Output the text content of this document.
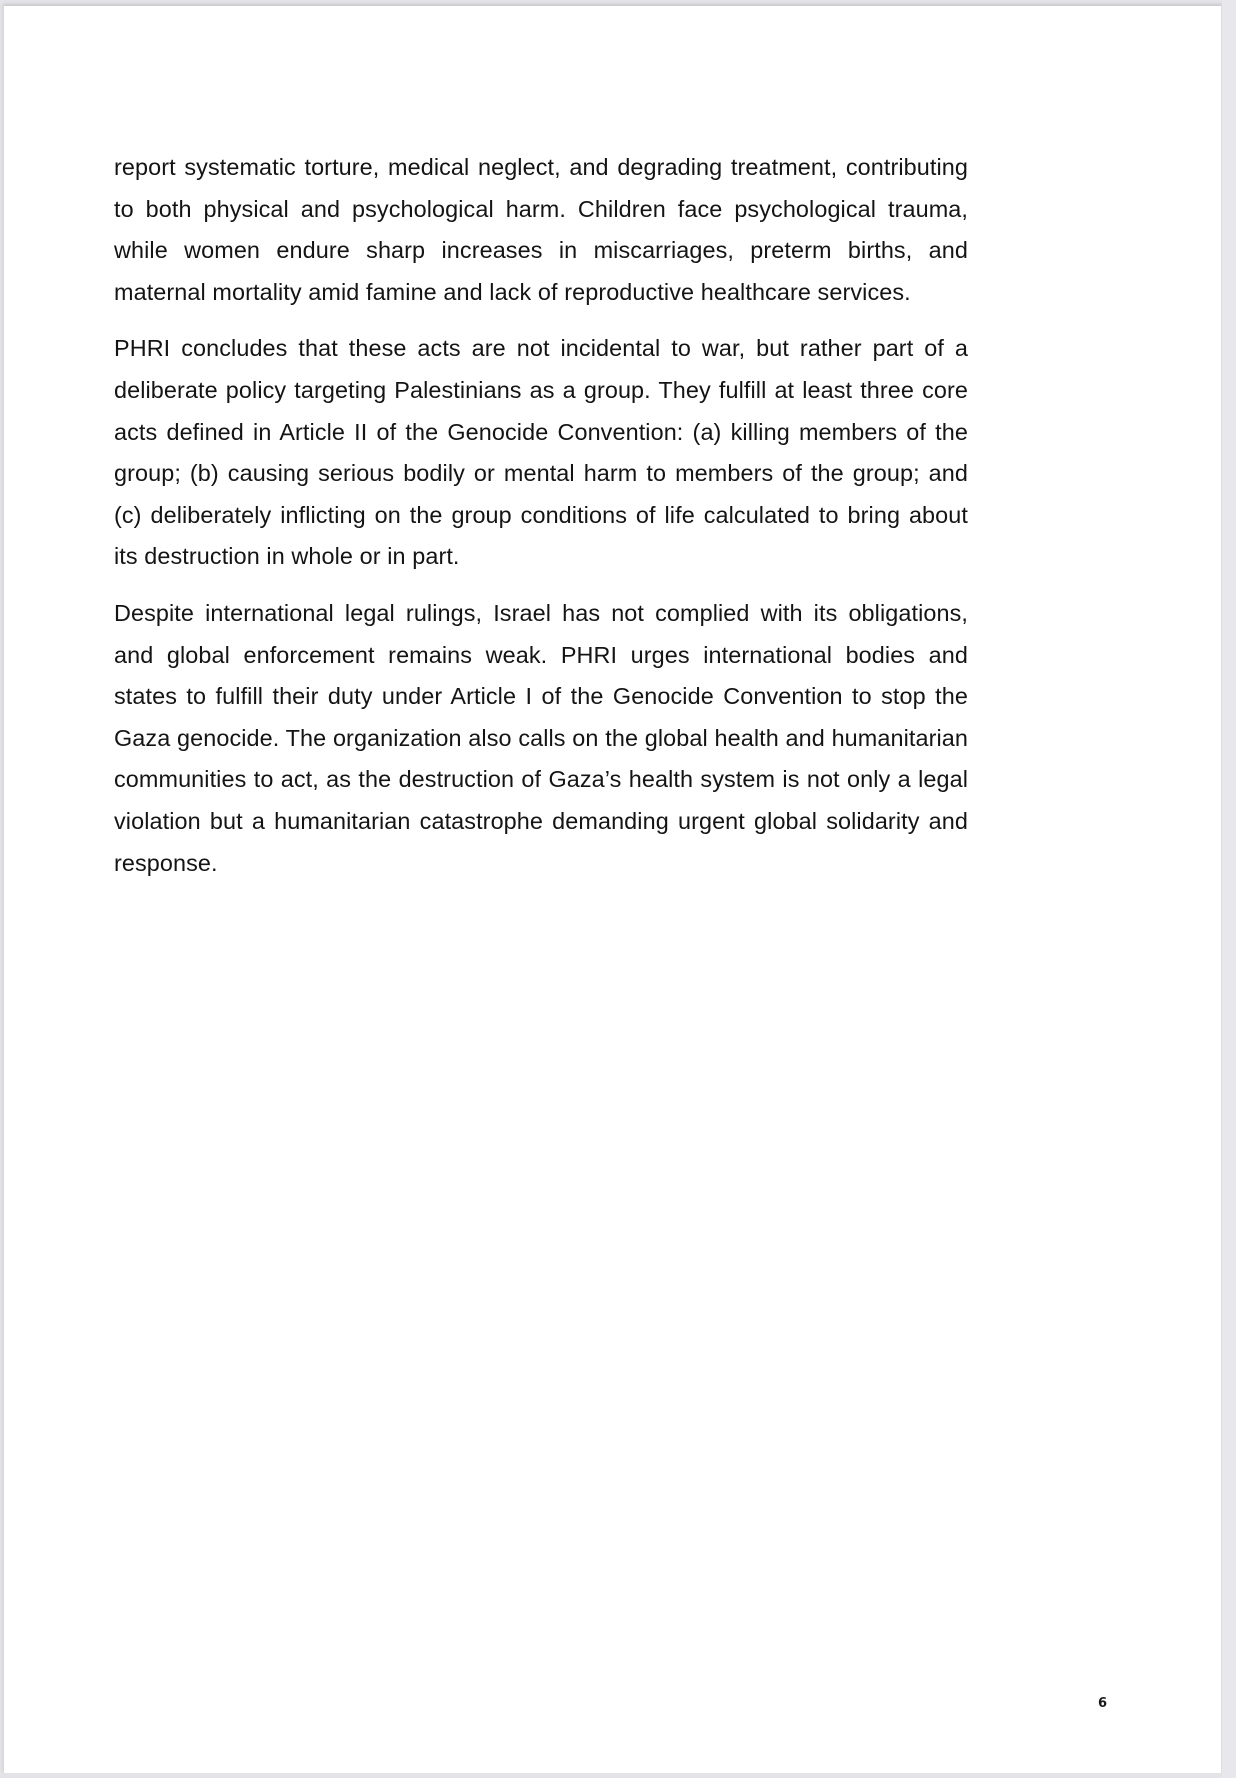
report systematic torture, medical neglect, and degrading treatment, contributing to both physical and psychological harm. Children face psychological trauma, while women endure sharp increases in miscarriages, preterm births, and maternal mortality amid famine and lack of reproductive healthcare services.

PHRI concludes that these acts are not incidental to war, but rather part of a deliberate policy targeting Palestinians as a group. They fulfill at least three core acts defined in Article II of the Genocide Convention: (a) killing members of the group; (b) causing serious bodily or mental harm to members of the group; and (c) deliberately inflicting on the group conditions of life calculated to bring about its destruction in whole or in part.

Despite international legal rulings, Israel has not complied with its obligations, and global enforcement remains weak. PHRI urges international bodies and states to fulfill their duty under Article I of the Genocide Convention to stop the Gaza genocide. The organization also calls on the global health and humanitarian communities to act, as the destruction of Gaza’s health system is not only a legal violation but a humanitarian catastrophe demanding urgent global solidarity and response.

6
